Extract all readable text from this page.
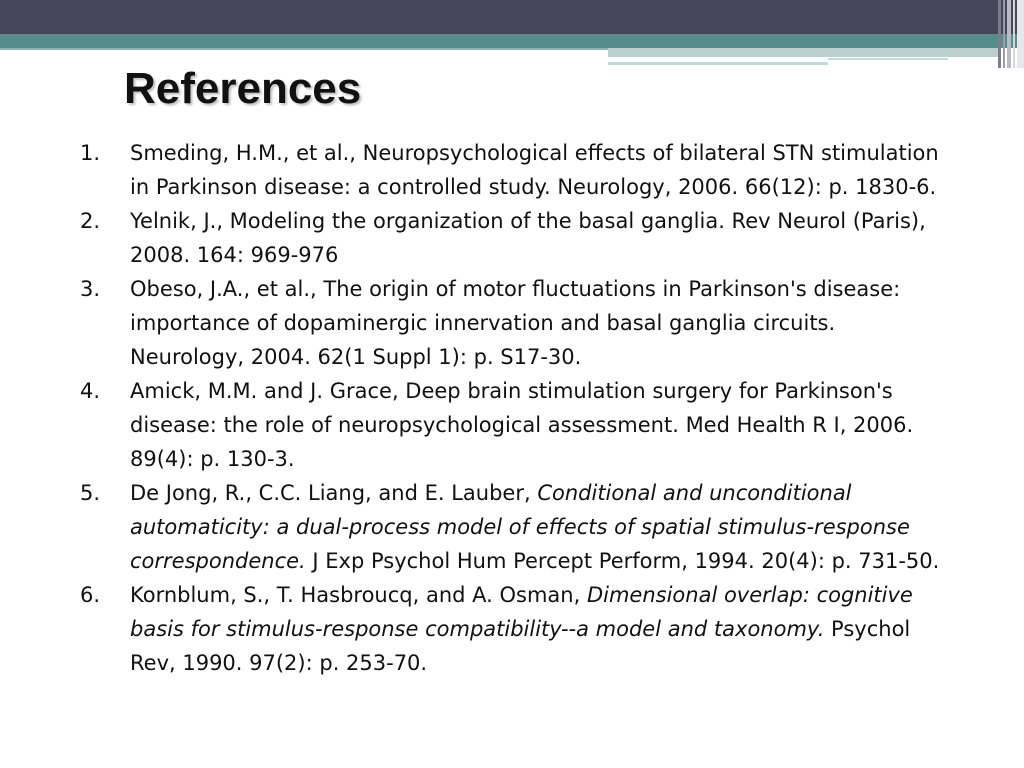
References
1.	Smeding, H.M., et al., Neuropsychological effects of bilateral STN stimulation in Parkinson disease: a controlled study. Neurology, 2006. 66(12): p. 1830-6.
2.	Yelnik, J., Modeling the organization of the basal ganglia. Rev Neurol (Paris), 2008. 164: 969-976
3.	Obeso, J.A., et al., The origin of motor fluctuations in Parkinson's disease: importance of dopaminergic innervation and basal ganglia circuits. Neurology, 2004. 62(1 Suppl 1): p. S17-30.
4.	Amick, M.M. and J. Grace, Deep brain stimulation surgery for Parkinson's disease: the role of neuropsychological assessment. Med Health R I, 2006. 89(4): p. 130-3.
5.	De Jong, R., C.C. Liang, and E. Lauber, Conditional and unconditional automaticity: a dual-process model of effects of spatial stimulus-response correspondence. J Exp Psychol Hum Percept Perform, 1994. 20(4): p. 731-50.
6.	Kornblum, S., T. Hasbroucq, and A. Osman, Dimensional overlap: cognitive basis for stimulus-response compatibility--a model and taxonomy. Psychol Rev, 1990. 97(2): p. 253-70.
